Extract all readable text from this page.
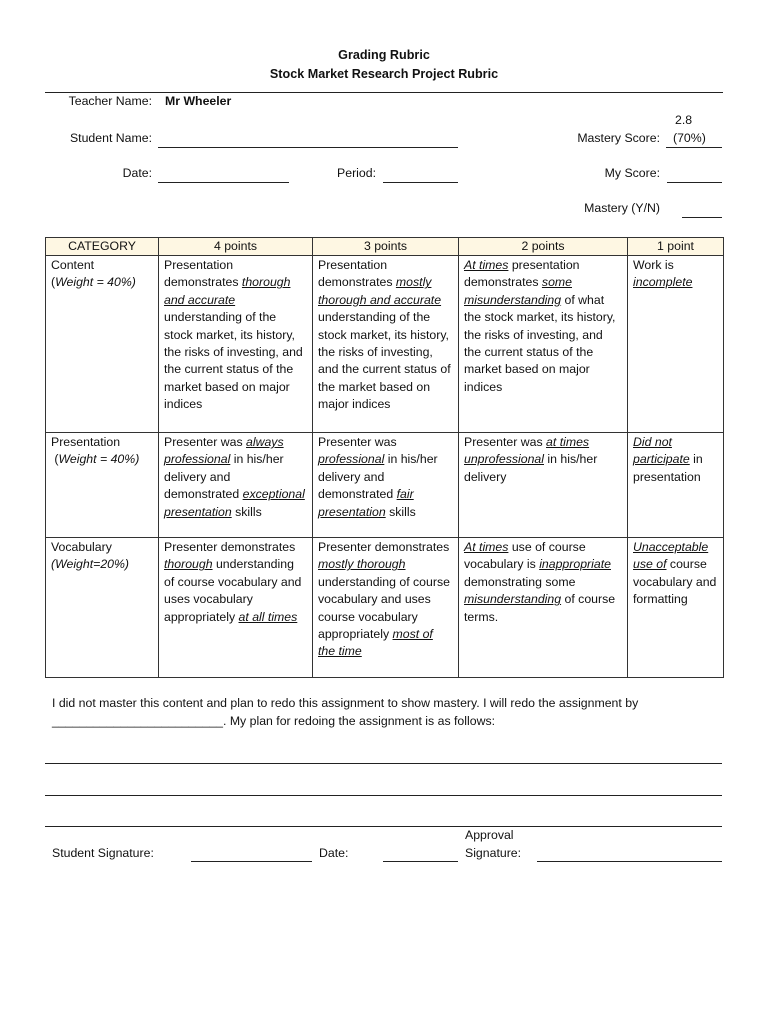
Grading Rubric
Stock Market Research Project Rubric
Teacher Name: Mr Wheeler
Student Name:
Date:	Period:
2.8
Mastery Score: (70%)
My Score:
Mastery (Y/N)
CATEGORY	4 points	3 points	2 points	1 point
Content
(Weight = 40%)	Presentation demonstrates thorough and accurate understanding of the stock market, its history, the risks of investing, and the current status of the market based on major indices	Presentation demonstrates mostly thorough and accurate understanding of the stock market, its history, the risks of investing, and the current status of the market based on major indices	At times presentation demonstrates some misunderstanding of what the stock market, its history, the risks of investing, and the current status of the market based on major indices	Work is incomplete
Presentation
(Weight = 40%)	Presenter was always professional in his/her delivery and demonstrated exceptional presentation skills	Presenter was professional in his/her delivery and demonstrated fair presentation skills	Presenter was at times unprofessional in his/her delivery	Did not participate in presentation
Vocabulary
(Weight=20%)	Presenter demonstrates thorough understanding of course vocabulary and uses vocabulary appropriately at all times	Presenter demonstrates mostly thorough understanding of course vocabulary and uses course vocabulary appropriately most of the time	At times use of course vocabulary is inappropriate demonstrating some misunderstanding of course terms.	Unacceptable use of course vocabulary and formatting
I did not master this content and plan to redo this assignment to show mastery. I will redo the assignment by
_________________________. My plan for redoing the assignment is as follows:
Student Signature:	Date:
Approval
Signature:
